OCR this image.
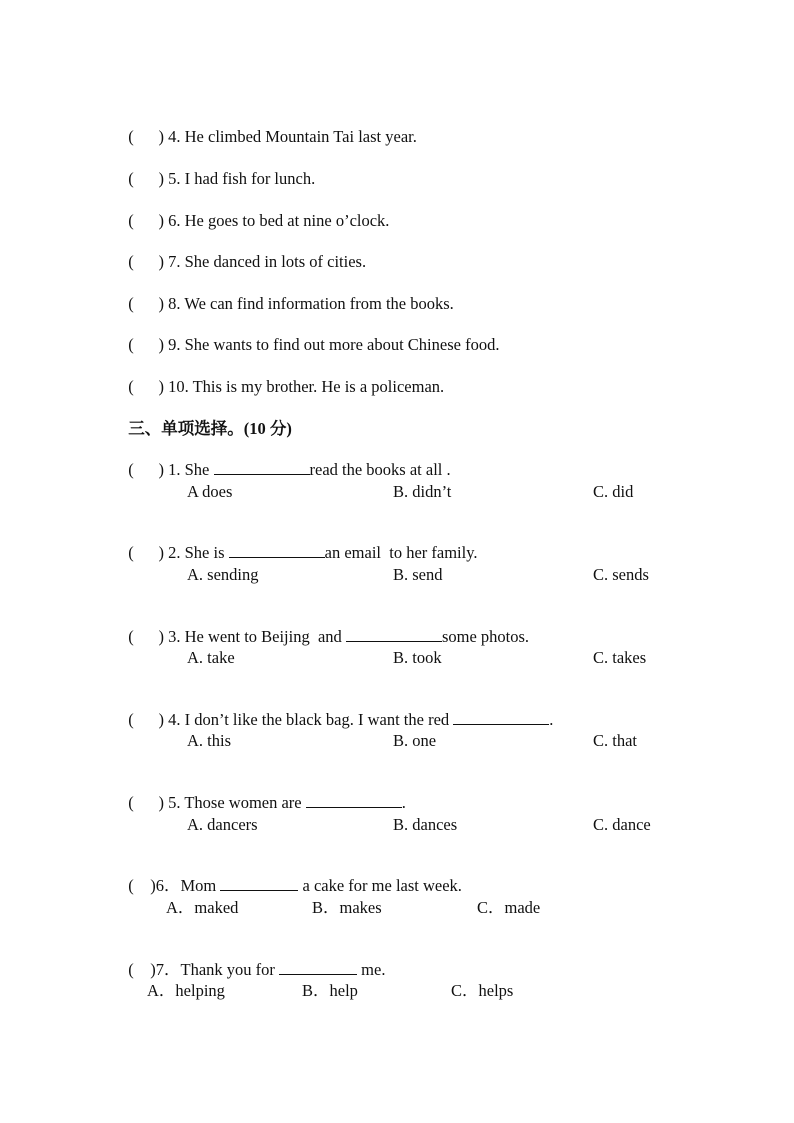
(      ) 4. He climbed Mountain Tai last year.

(      ) 5. I had fish for lunch.

(      ) 6. He goes to bed at nine o’clock.

(      ) 7. She danced in lots of cities.

(      ) 8. We can find information from the books.

(      ) 9. She wants to find out more about Chinese food.

(      ) 10. This is my brother. He is a policeman.

三、单项选择。(10 分)

(      ) 1. She	read the books at all .

A does	B. didn’t	C. did

(      ) 2. She is	an email  to her family.

A. sending	B. send	C. sends

(      ) 3. He went to Beijing  and	some photos.

A. take	B. took	C. takes

(      ) 4. I don’t like the black bag. I want the red	.

A. this	B. one	C. that

(      ) 5. Those women are	.

A. dancers	B. dances	C. dance

(    )6．Mom	a cake for me last week.

A．maked	B．makes	C．made

(    )7．Thank you for	me.

A．helping	B．help	C．helps
